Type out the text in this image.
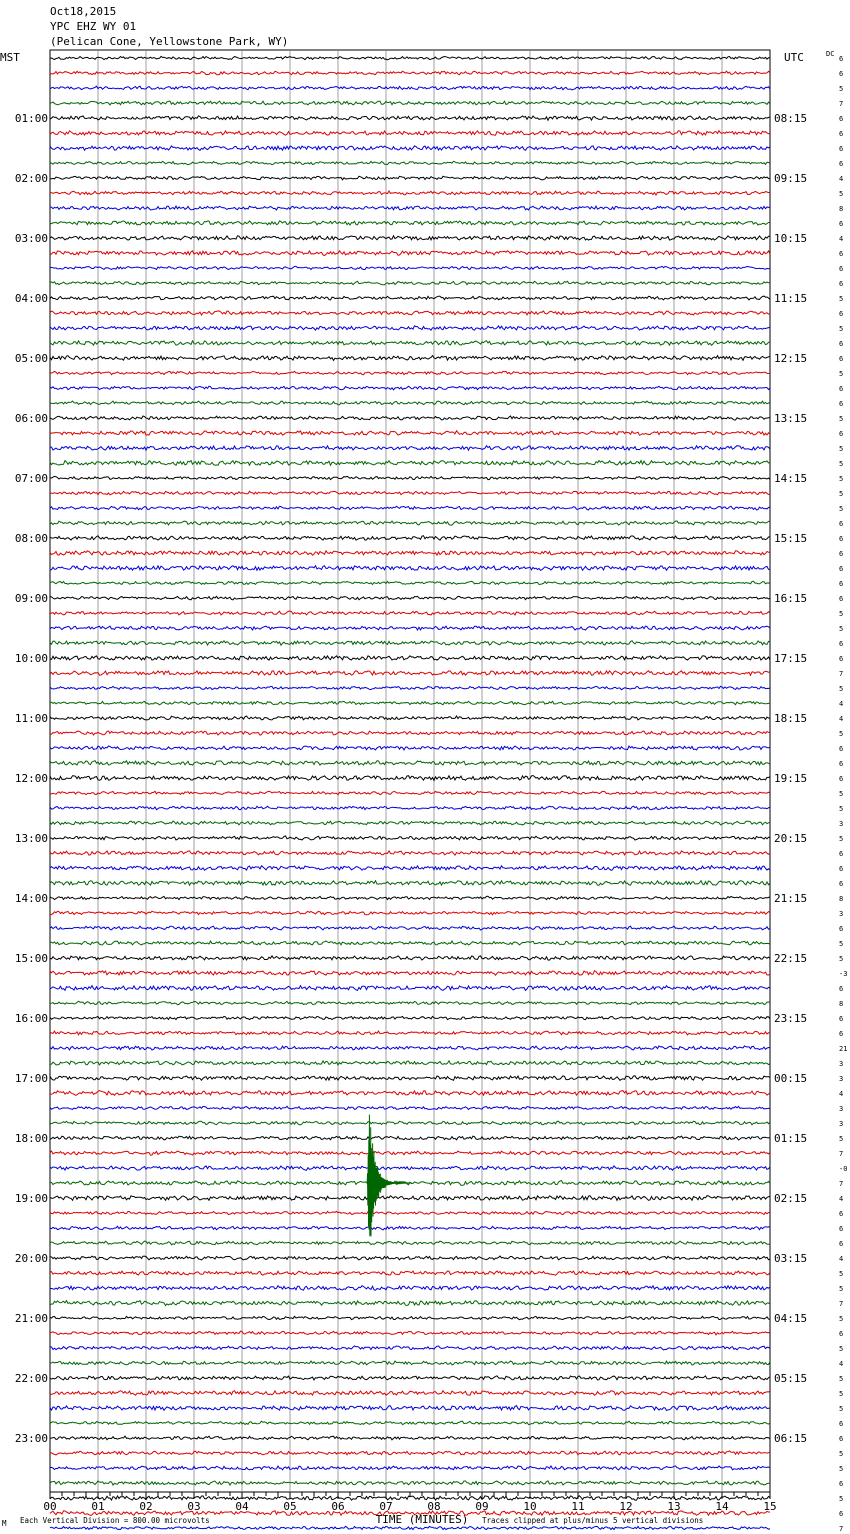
Oct18,2015
YPC EHZ WY 01
(Pelican Cone, Yellowstone Park, WY)
MST	UTC	DC
6
6
5
7
6
6
6
6
4
5
8
6
4
6
6
6
5
6
5
6
6
5
6
6
5
6
5
5
5
5
5
6
6
6
6
6
6
5
5
6
6
7
5
4
4
5
6
6
6
5
5
3
5
6
6
6
8
3
6
5
5
-3
6
8
6
6
21
3
3
4
3
3
5
7
-0
7
4
6
6
6
4
5
5
7
5
6
5
4
5
5
5
6
6
5
5
6
5
6
7
01:00
02:00
03:00
04:00
05:00
06:00
07:00
08:00
09:00
10:00
11:00
12:00
13:00
14:00
15:00
16:00
17:00
18:00
19:00
20:00
21:00
22:00
23:00
08:15
09:15
10:15
11:15
12:15
13:15
14:15
15:15
16:15
17:15
18:15
19:15
20:15
21:15
22:15
23:15
00:15
01:15
02:15
03:15
04:15
05:15
06:15
00	01	02	03	04	05	06	07	08	09	10	11	12	13	14	15
TIME (MINUTES)
Each Vertical Division = 800.00 microvolts	Traces clipped at plus/minus 5 vertical divisions
M
